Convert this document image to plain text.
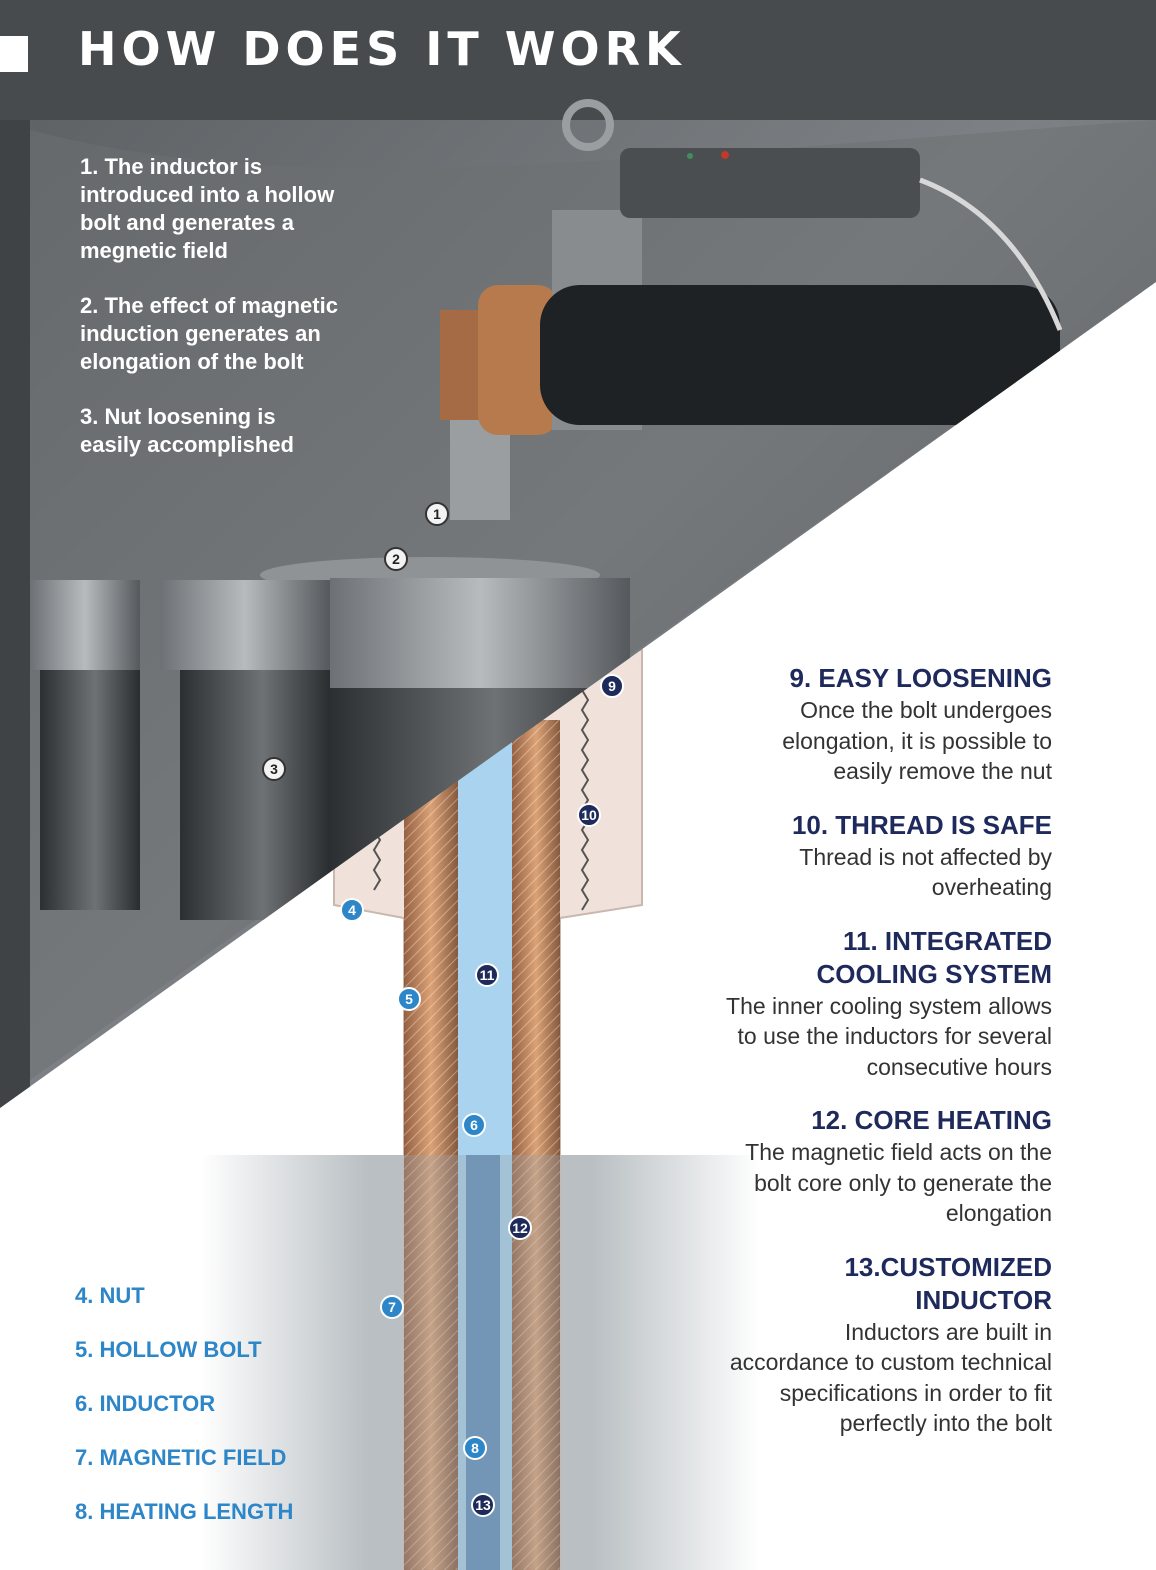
HOW DOES IT WORK

1. The inductor is introduced into a hollow bolt and generates a megnetic field

2. The effect of magnetic induction generates an elongation of the bolt

3. Nut loosening is easily accomplished

1
2
3
4
5
6
7
8
9
10
11
12
13
9. EASY LOOSENING

Once the bolt undergoes elongation, it is possible to easily remove the nut

10. THREAD IS SAFE

Thread is not affected by overheating

11. INTEGRATED COOLING SYSTEM

The inner cooling system allows to use the inductors for several consecutive hours

12. CORE HEATING

The magnetic field acts on the bolt core only to generate the elongation

13.CUSTOMIZED INDUCTOR

Inductors are built in accordance to custom technical specifications in order to fit perfectly into the bolt

4. NUT
5. HOLLOW BOLT
6. INDUCTOR
7. MAGNETIC FIELD
8. HEATING LENGTH
